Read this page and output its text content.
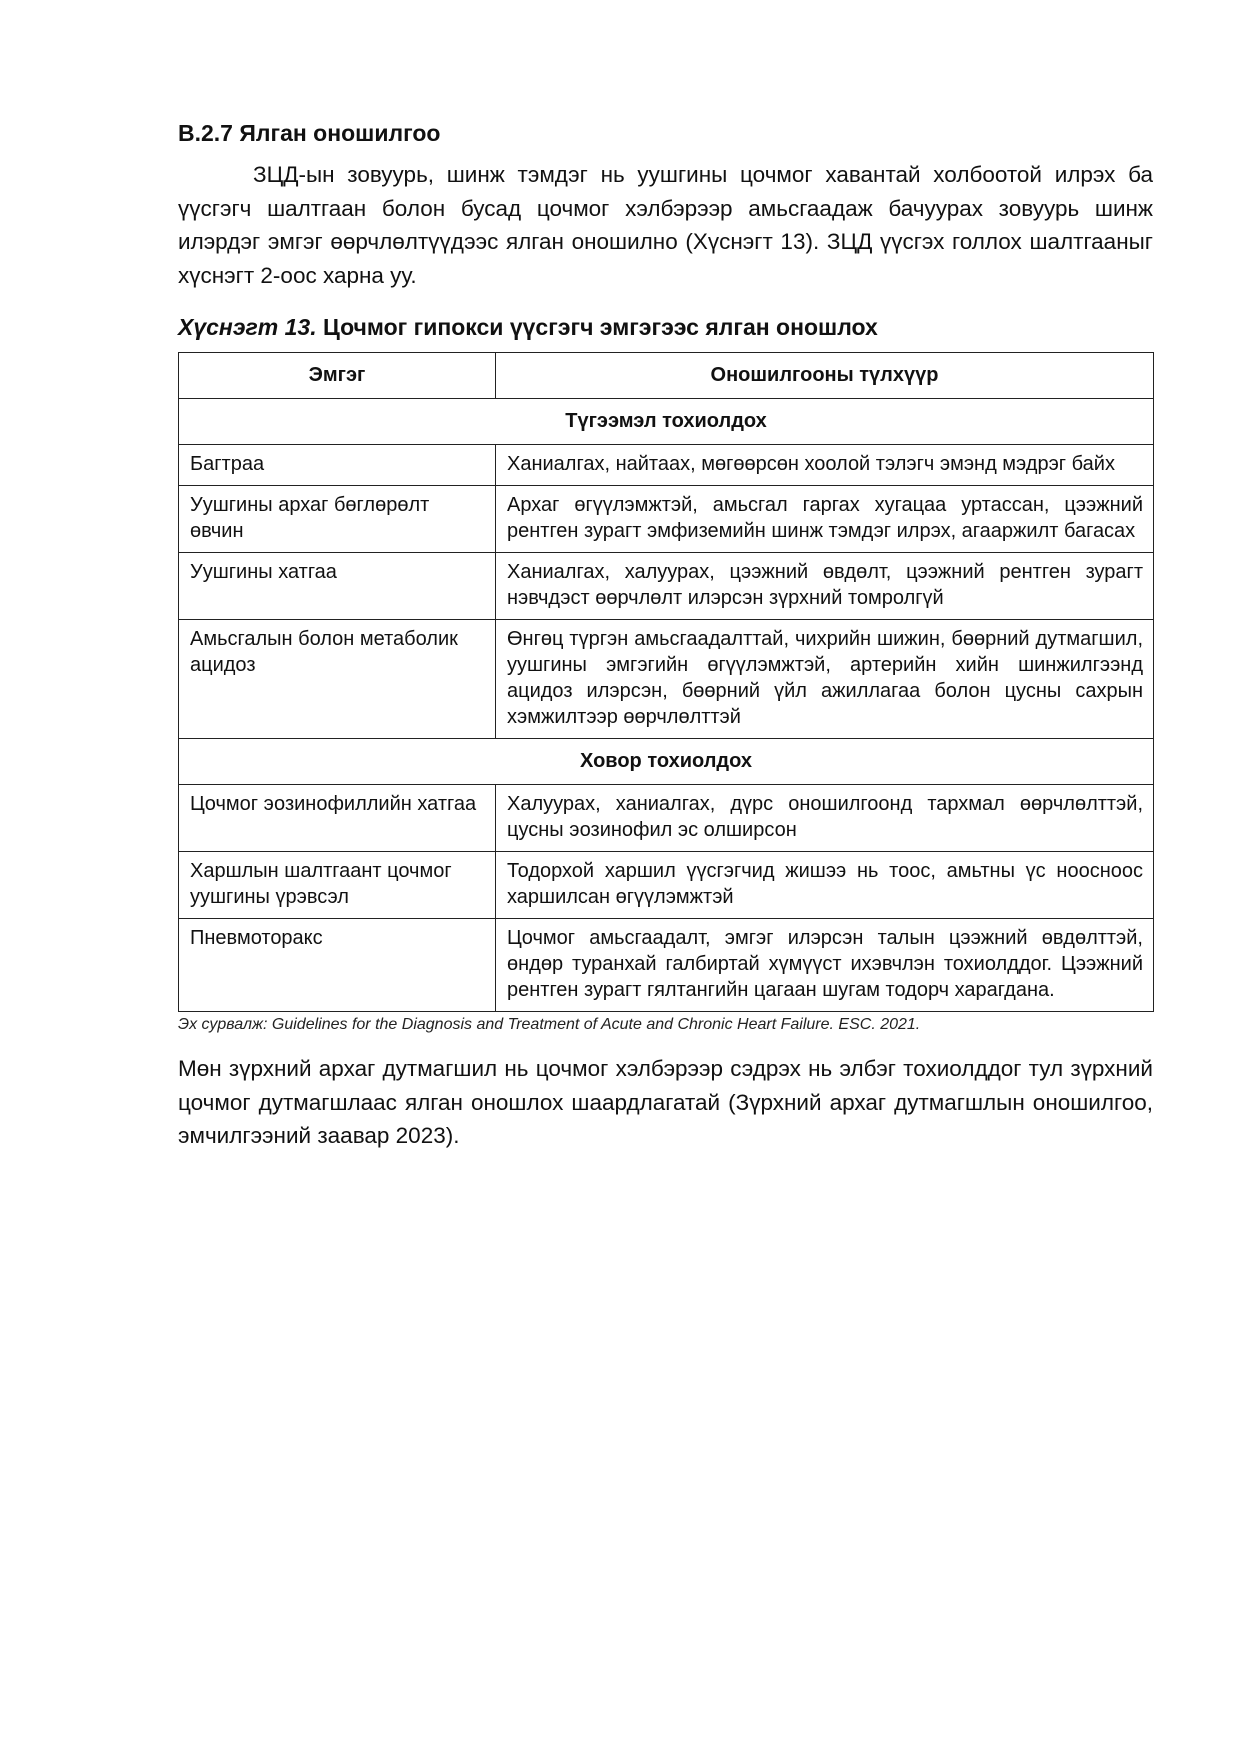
B.2.7 Ялган оношилгоо

ЗЦД-ын зовуурь, шинж тэмдэг нь уушгины цочмог хавантай холбоотой илрэх ба үүсгэгч шалтгаан болон бусад цочмог хэлбэрээр амьсгаадаж бачуурах зовуурь шинж илэрдэг эмгэг өөрчлөлтүүдээс ялган оношилно (Хүснэгт 13). ЗЦД үүсгэх голлох шалтгааныг хүснэгт 2-оос харна уу.

Хүснэгт 13. Цочмог гипокси үүсгэгч эмгэгээс ялган оношлох
Эмгэг	Оношилгооны түлхүүр
Түгээмэл тохиолдох	
Багтраа	Ханиалгах, найтаах, мөгөөрсөн хоолой тэлэгч эмэнд мэдрэг байх
Уушгины архаг бөглөрөлт өвчин	Архаг өгүүлэмжтэй, амьсгал гаргах хугацаа уртассан, цээжний рентген зурагт эмфиземийн шинж тэмдэг илрэх, агааржилт багасах
Уушгины хатгаа	Ханиалгах, халуурах, цээжний өвдөлт, цээжний рентген зурагт нэвчдэст өөрчлөлт илэрсэн зүрхний томролгүй
Амьсгалын болон метаболик ацидоз	Өнгөц түргэн амьсгаадалттай, чихрийн шижин, бөөрний дутмагшил, уушгины эмгэгийн өгүүлэмжтэй, артерийн хийн шинжилгээнд ацидоз илэрсэн, бөөрний үйл ажиллагаа болон цусны сахрын хэмжилтээр өөрчлөлттэй
Ховор тохиолдох	
Цочмог эозинофиллийн хатгаа	Халуурах, ханиалгах, дүрс оношилгоонд тархмал өөрчлөлттэй, цусны эозинофил эс олширсон
Харшлын шалтгаант цочмог уушгины үрэвсэл	Тодорхой харшил үүсгэгчид жишээ нь тоос, амьтны үс ноосноос харшилсан өгүүлэмжтэй
Пневмоторакс	Цочмог амьсгаадалт, эмгэг илэрсэн талын цээжний өвдөлттэй, өндөр туранхай галбиртай хүмүүст ихэвчлэн тохиолддог. Цээжний рентген зурагт гялтангийн цагаан шугам тодорч харагдана.
Эх сурвалж: Guidelines for the Diagnosis and Treatment of Acute and Chronic Heart Failure. ESC. 2021.

Мөн зүрхний архаг дутмагшил нь цочмог хэлбэрээр сэдрэх нь элбэг тохиолддог тул зүрхний цочмог дутмагшлаас ялган оношлох шаардлагатай (Зүрхний архаг дутмагшлын оношилгоо, эмчилгээний заавар 2023).
